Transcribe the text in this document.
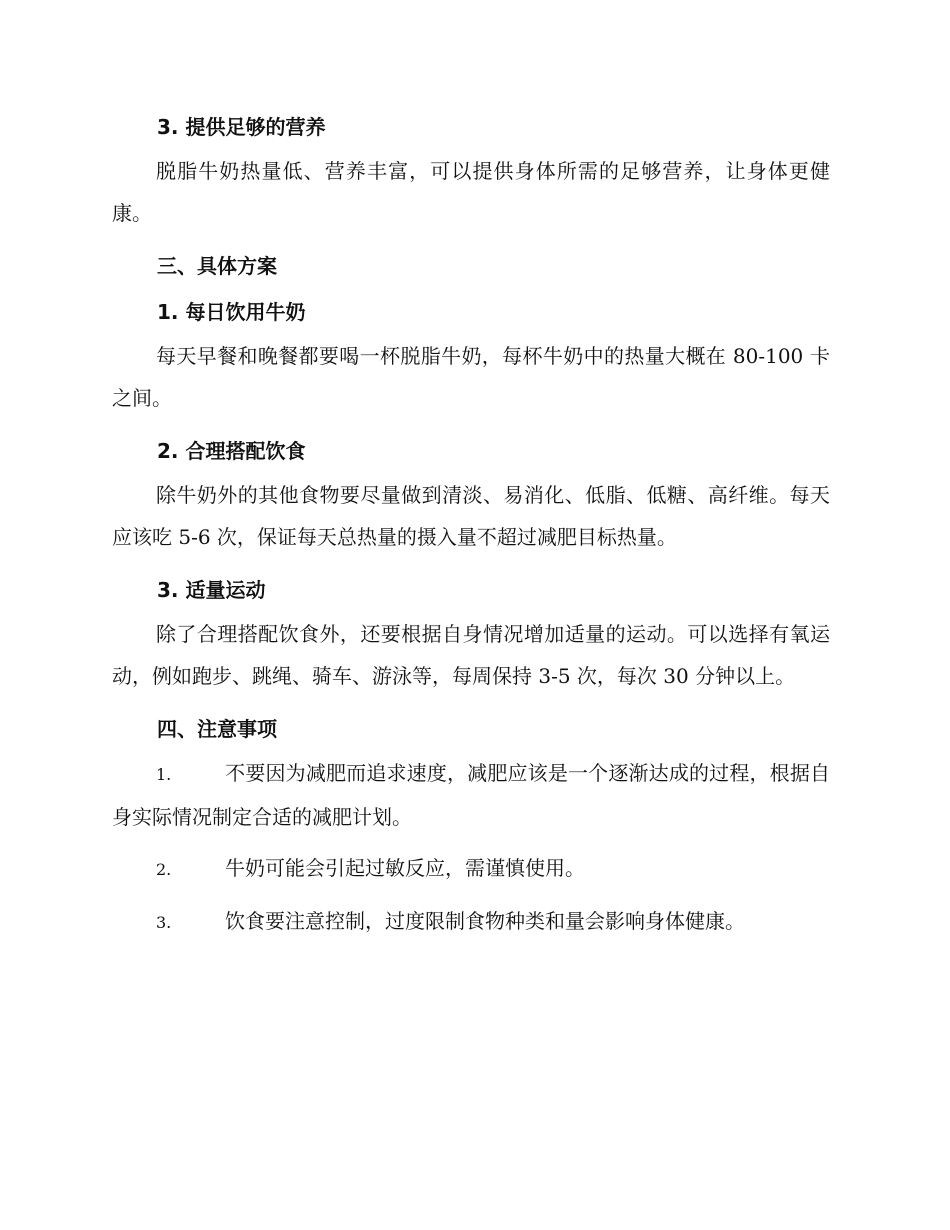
3. 提供足够的营养

脱脂牛奶热量低、营养丰富，可以提供身体所需的足够营养，让身体更健康。

三、具体方案
1. 每日饮用牛奶

每天早餐和晚餐都要喝一杯脱脂牛奶，每杯牛奶中的热量大概在 80-100 卡之间。

2. 合理搭配饮食

除牛奶外的其他食物要尽量做到清淡、易消化、低脂、低糖、高纤维。每天应该吃 5-6 次，保证每天总热量的摄入量不超过减肥目标热量。

3. 适量运动

除了合理搭配饮食外，还要根据自身情况增加适量的运动。可以选择有氧运动，例如跑步、跳绳、骑车、游泳等，每周保持 3-5 次，每次 30 分钟以上。

四、注意事项

1.	不要因为减肥而追求速度，减肥应该是一个逐渐达成的过程，根据自身实际情况制定合适的减肥计划。

2.	牛奶可能会引起过敏反应，需谨慎使用。

3.	饮食要注意控制，过度限制食物种类和量会影响身体健康。
